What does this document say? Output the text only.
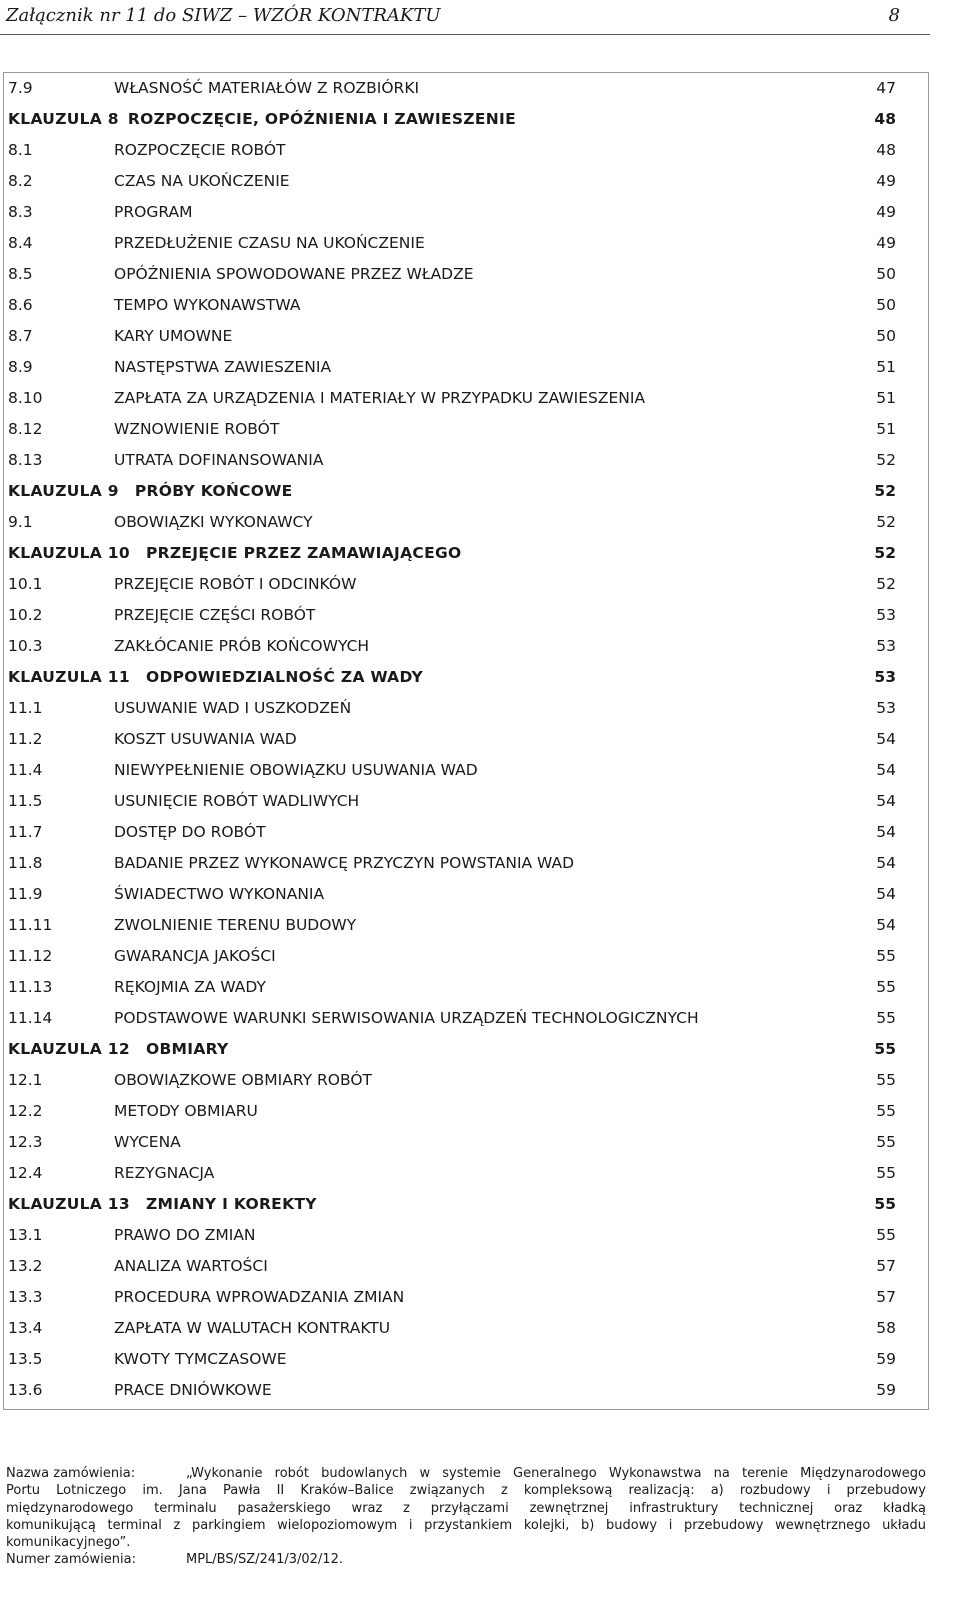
Załącznik nr 11 do SIWZ – WZÓR KONTRAKTU	8
7.9	WŁASNOŚĆ MATERIAŁÓW Z ROZBIÓRKI	47
KLAUZULA 8 ROZPOCZĘCIE, OPÓŹNIENIA I ZAWIESZENIE	48
8.1	ROZPOCZĘCIE ROBÓT	48
8.2	CZAS NA UKOŃCZENIE	49
8.3	PROGRAM	49
8.4	PRZEDŁUŻENIE CZASU NA UKOŃCZENIE	49
8.5	OPÓŹNIENIA SPOWODOWANE PRZEZ WŁADZE	50
8.6	TEMPO WYKONAWSTWA	50
8.7	KARY UMOWNE	50
8.9	NASTĘPSTWA ZAWIESZENIA	51
8.10	ZAPŁATA ZA URZĄDZENIA I MATERIAŁY W PRZYPADKU ZAWIESZENIA	51
8.12	WZNOWIENIE ROBÓT	51
8.13	UTRATA DOFINANSOWANIA	52
KLAUZULA 9 PRÓBY KOŃCOWE	52
9.1	OBOWIĄZKI WYKONAWCY	52
KLAUZULA 10 PRZEJĘCIE PRZEZ ZAMAWIAJĄCEGO	52
10.1	PRZEJĘCIE ROBÓT I ODCINKÓW	52
10.2	PRZEJĘCIE CZĘŚCI ROBÓT	53
10.3	ZAKŁÓCANIE PRÓB KOŃCOWYCH	53
KLAUZULA 11 ODPOWIEDZIALNOŚĆ ZA WADY	53
11.1	USUWANIE WAD I USZKODZEŃ	53
11.2	KOSZT USUWANIA WAD	54
11.4	NIEWYPEŁNIENIE OBOWIĄZKU USUWANIA WAD	54
11.5	USUNIĘCIE ROBÓT WADLIWYCH	54
11.7	DOSTĘP DO ROBÓT	54
11.8	BADANIE PRZEZ WYKONAWCĘ PRZYCZYN POWSTANIA WAD	54
11.9	ŚWIADECTWO WYKONANIA	54
11.11	ZWOLNIENIE TERENU BUDOWY	54
11.12	GWARANCJA JAKOŚCI	55
11.13	RĘKOJMIA ZA WADY	55
11.14	PODSTAWOWE WARUNKI SERWISOWANIA URZĄDZEŃ TECHNOLOGICZNYCH	55
KLAUZULA 12 OBMIARY	55
12.1	OBOWIĄZKOWE OBMIARY ROBÓT	55
12.2	METODY OBMIARU	55
12.3	WYCENA	55
12.4	REZYGNACJA	55
KLAUZULA 13 ZMIANY I KOREKTY	55
13.1	PRAWO DO ZMIAN	55
13.2	ANALIZA WARTOŚCI	57
13.3	PROCEDURA WPROWADZANIA ZMIAN	57
13.4	ZAPŁATA W WALUTACH KONTRAKTU	58
13.5	KWOTY TYMCZASOWE	59
13.6	PRACE DNIÓWKOWE	59
Nazwa zamówienia:	„Wykonanie robót budowlanych w systemie Generalnego Wykonawstwa na terenie Międzynarodowego
Portu Lotniczego im. Jana Pawła II Kraków–Balice związanych z kompleksową realizacją: a) rozbudowy i przebudowy
międzynarodowego terminalu pasażerskiego wraz z przyłączami zewnętrznej infrastruktury technicznej oraz kładką
komunikującą terminal z parkingiem wielopoziomowym i przystankiem kolejki, b) budowy i przebudowy wewnętrznego układu
komunikacyjnego”.
Numer zamówienia:	MPL/BS/SZ/241/3/02/12.
